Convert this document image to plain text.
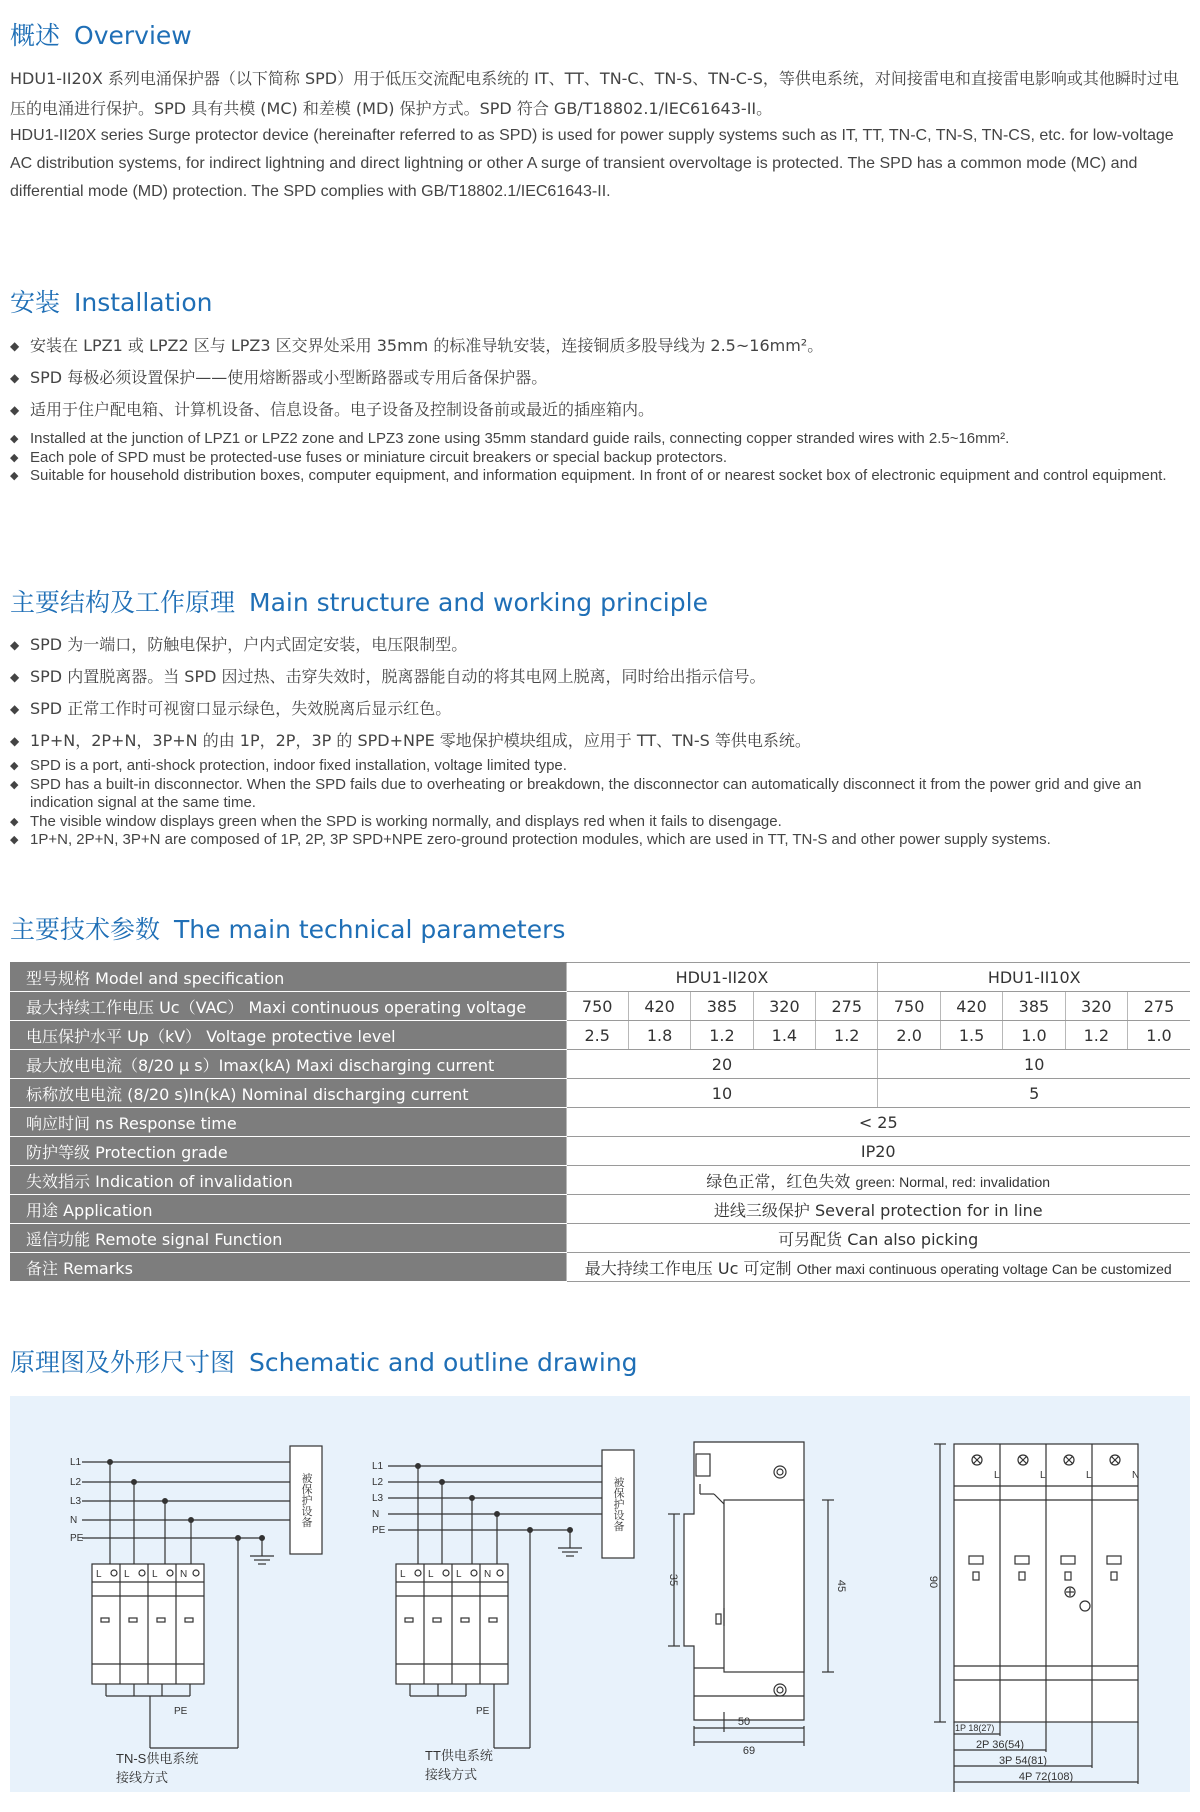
概述 Overview

HDU1-II20X 系列电涌保护器（以下简称 SPD）用于低压交流配电系统的 IT、TT、TN-C、TN-S、TN-C-S，等供电系统，对间接雷电和直接雷电影响或其他瞬时过电压的电涌进行保护。SPD 具有共模 (MC) 和差模 (MD) 保护方式。SPD 符合 GB/T18802.1/IEC61643-II。

HDU1-II20X series Surge protector device (hereinafter referred to as SPD) is used for power supply systems such as IT, TT, TN-C, TN-S, TN-CS, etc. for low-voltage AC distribution systems, for indirect lightning and direct lightning or other A surge of transient overvoltage is protected. The SPD has a common mode (MC) and differential mode (MD) protection. The SPD complies with GB/T18802.1/IEC61643-II.

安装 Installation
◆ 安装在 LPZ1 或 LPZ2 区与 LPZ3 区交界处采用 35mm 的标准导轨安装，连接铜质多股导线为 2.5~16mm²。
◆ SPD 每极必须设置保护——使用熔断器或小型断路器或专用后备保护器。
◆ 适用于住户配电箱、计算机设备、信息设备。电子设备及控制设备前或最近的插座箱内。
◆ Installed at the junction of LPZ1 or LPZ2 zone and LPZ3 zone using 35mm standard guide rails, connecting copper stranded wires with 2.5~16mm².
◆ Each pole of SPD must be protected-use fuses or miniature circuit breakers or special backup protectors.
◆ Suitable for household distribution boxes, computer equipment, and information equipment. In front of or nearest socket box of electronic equipment and control equipment.
主要结构及工作原理 Main structure and working principle
◆ SPD 为一端口，防触电保护，户内式固定安装，电压限制型。
◆ SPD 内置脱离器。当 SPD 因过热、击穿失效时，脱离器能自动的将其电网上脱离，同时给出指示信号。
◆ SPD 正常工作时可视窗口显示绿色，失效脱离后显示红色。
◆ 1P+N，2P+N，3P+N 的由 1P，2P，3P 的 SPD+NPE 零地保护模块组成，应用于 TT、TN-S 等供电系统。
◆ SPD is a port, anti-shock protection, indoor fixed installation, voltage limited type.
◆ SPD has a built-in disconnector. When the SPD fails due to overheating or breakdown, the disconnector can automatically disconnect it from the power grid and give an indication signal at the same time.
◆ The visible window displays green when the SPD is working normally, and displays red when it fails to disengage.
◆ 1P+N, 2P+N, 3P+N are composed of 1P, 2P, 3P SPD+NPE zero-ground protection modules, which are used in TT, TN-S and other power supply systems.
主要技术参数 The main technical parameters
型号规格 Model and specification	HDU1-II20X					HDU1-II10X				
最大持续工作电压 Uc（VAC） Maxi continuous operating voltage	750	420	385	320	275	750	420	385	320	275
电压保护水平 Up（kV） Voltage protective level	2.5	1.8	1.2	1.4	1.2	2.0	1.5	1.0	1.2	1.0
最大放电电流（8/20 μ s）Imax(kA) Maxi discharging current	20					10				
标称放电电流 (8/20 s)In(kA) Nominal discharging current	10					5				
响应时间 ns Response time	< 25									
防护等级 Protection grade	IP20									
失效指示 Indication of invalidation	绿色正常，红色失效 green: Normal, red: invalidation									
用途 Application	进线三级保护 Several protection for in line									
遥信功能 Remote signal Function	可另配货 Can also picking									
备注 Remarks	最大持续工作电压 Uc 可定制 Other maxi continuous operating voltage Can be customized									
原理图及外形尺寸图 Schematic and outline drawing
L1
L2
L3
N
PE
L1
L2
L3
N
PE
L L L N	L L L N
PE	PE
L	L	L	N
被保护设备	被保护设备
TN-S供电系统
接线方式
TT供电系统
接线方式
35	45
50
69
90
1P 18(27)
2P 36(54)
3P 54(81)
4P 72(108)
